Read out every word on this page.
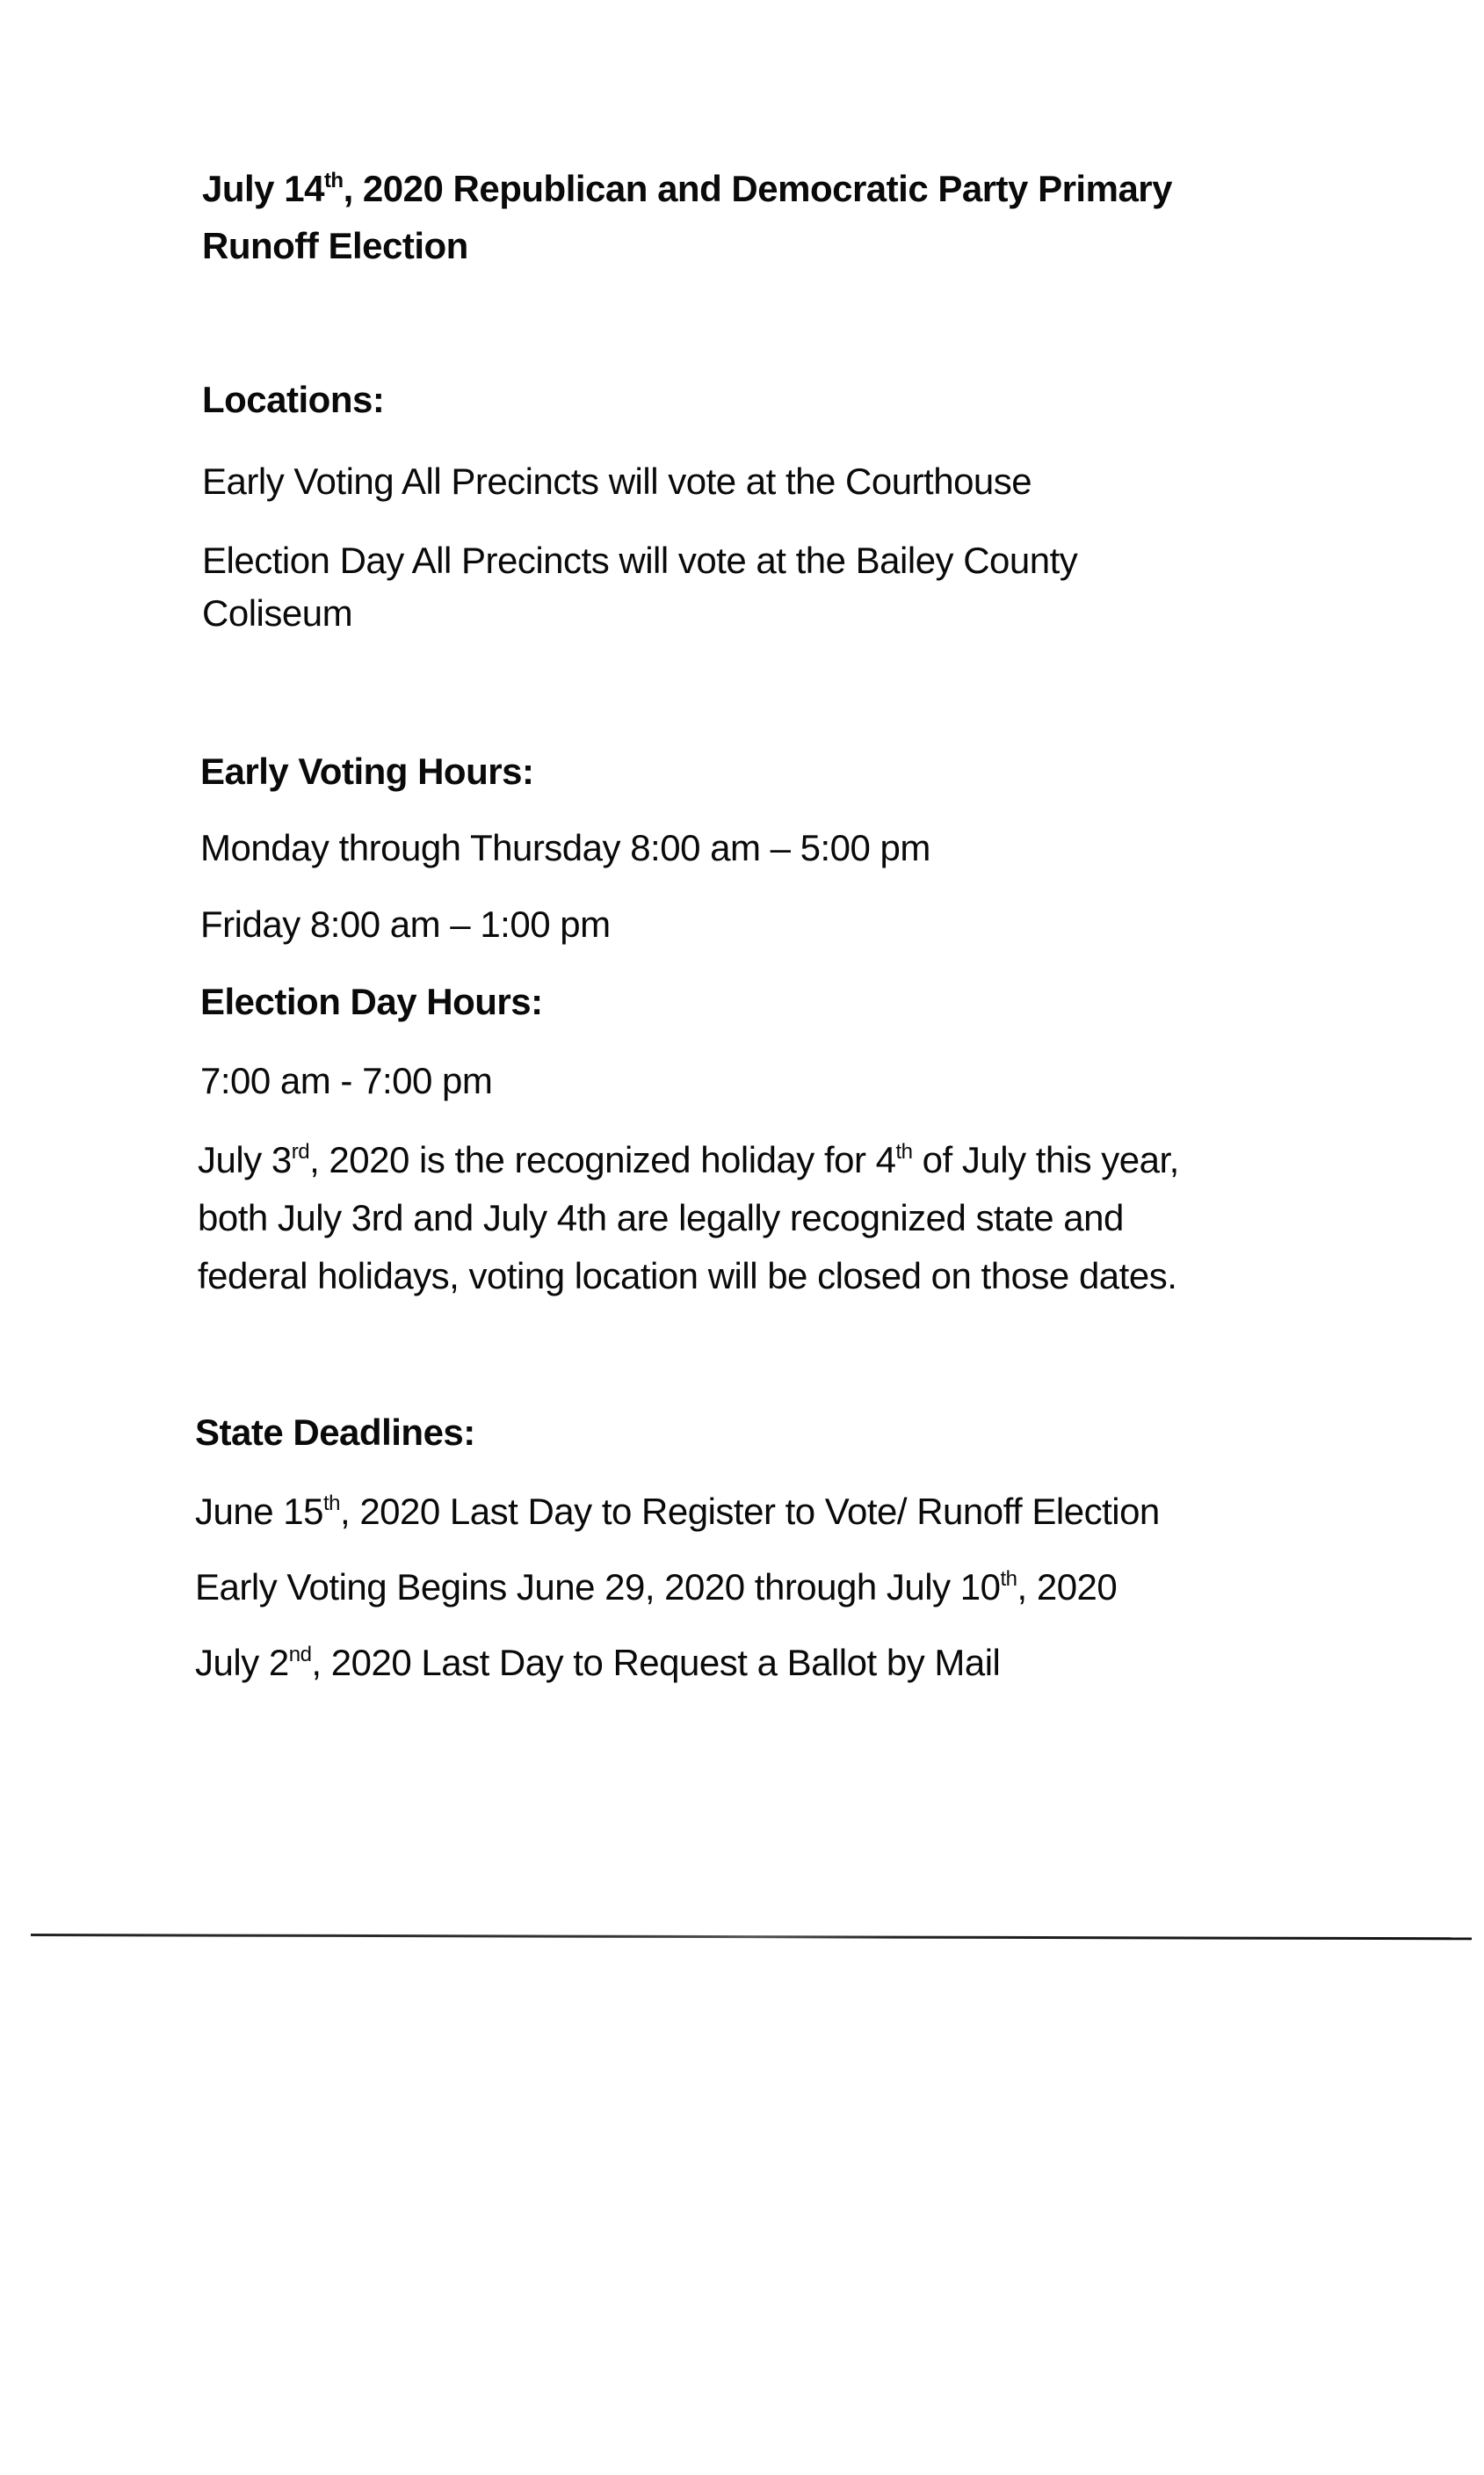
July 14th, 2020 Republican and Democratic Party Primary
Runoff Election
Locations:
Early Voting All Precincts will vote at the Courthouse
Election Day All Precincts will vote at the Bailey County
Coliseum
Early Voting Hours:
Monday through Thursday 8:00 am – 5:00 pm
Friday 8:00 am – 1:00 pm
Election Day Hours:
7:00 am - 7:00 pm
July 3rd, 2020 is the recognized holiday for 4th of July this year,
both July 3rd and July 4th are legally recognized state and
federal holidays, voting location will be closed on those dates.
State Deadlines:
June 15th, 2020 Last Day to Register to Vote/ Runoff Election
Early Voting Begins June 29, 2020 through July 10th, 2020
July 2nd, 2020 Last Day to Request a Ballot by Mail
